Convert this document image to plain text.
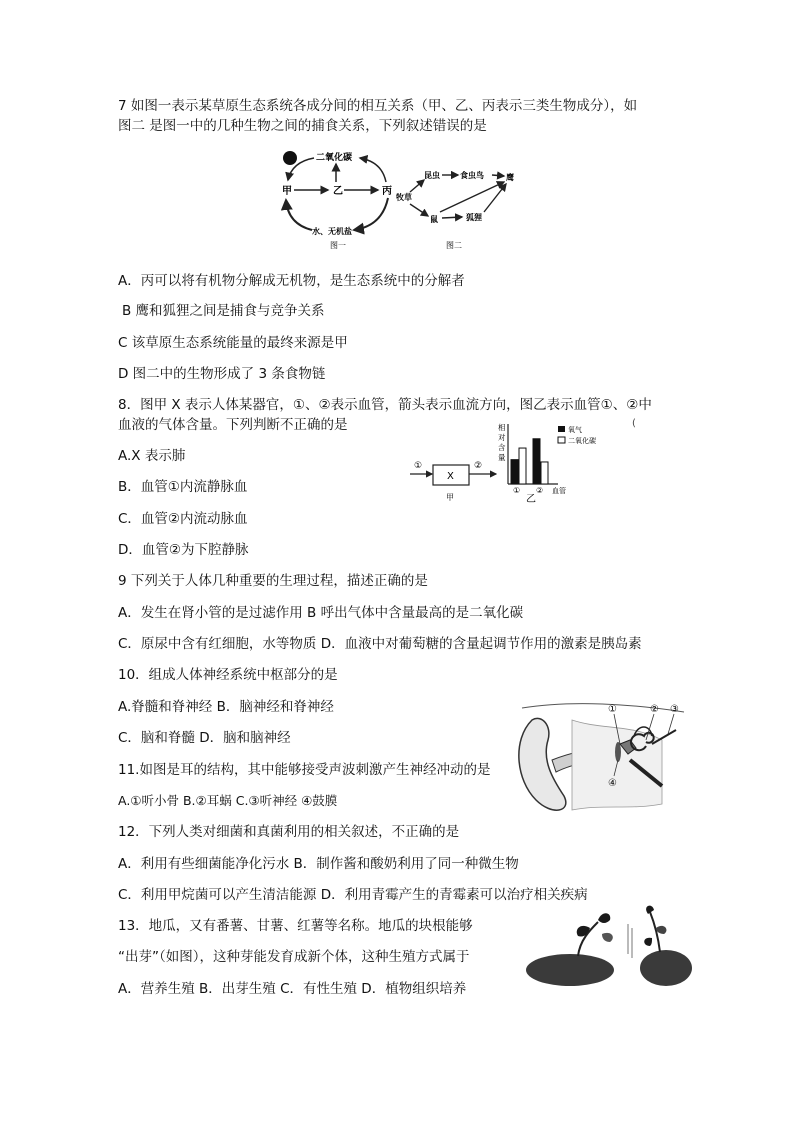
7 如图一表示某草原生态系统各成分间的相互关系（甲、乙、丙表示三类生物成分），如
图二 是图一中的几种生物之间的捕食关系，下列叙述错误的是
二氧化碳
甲	乙	丙
水、无机盐
图一
昆虫	食虫鸟	鹰
牧草
鼠	狐狸
图二
A．丙可以将有机物分解成无机物，是生态系统中的分解者
B 鹰和狐狸之间是捕食与竞争关系
C 该草原生态系统能量的最终来源是甲
D 图二中的生物形成了 3 条食物链
8．图甲 X 表示人体某器官，①、②表示血管，箭头表示血流方向，图乙表示血管①、②中
血液的气体含量。下列判断不正确的是
A.X 表示肺
B．血管①内流静脉血
C．血管②内流动脉血
D．血管②为下腔静脉
①	②
X
甲
相
对
含
量
氧气
二氧化碳
① ②
乙
血管
(
9 下列关于人体几种重要的生理过程，描述正确的是
A．发生在肾小管的是过滤作用 B 呼出气体中含量最高的是二氧化碳
C．原尿中含有红细胞，水等物质 D．血液中对葡萄糖的含量起调节作用的激素是胰岛素
10．组成人体神经系统中枢部分的是
A.脊髓和脊神经 B．脑神经和脊神经
C．脑和脊髓 D．脑和脑神经
①	② ③
④
11.如图是耳的结构，其中能够接受声波刺激产生神经冲动的是
A.①听小骨 B.②耳蜗 C.③听神经 ④鼓膜
12．下列人类对细菌和真菌利用的相关叙述，不正确的是
A．利用有些细菌能净化污水 B．制作酱和酸奶利用了同一种微生物
C．利用甲烷菌可以产生清洁能源 D．利用青霉产生的青霉素可以治疗相关疾病
13．地瓜，又有番薯、甘薯、红薯等名称。地瓜的块根能够
“出芽”（如图），这种芽能发育成新个体，这种生殖方式属于
A．营养生殖 B．出芽生殖 C．有性生殖 D．植物组织培养
